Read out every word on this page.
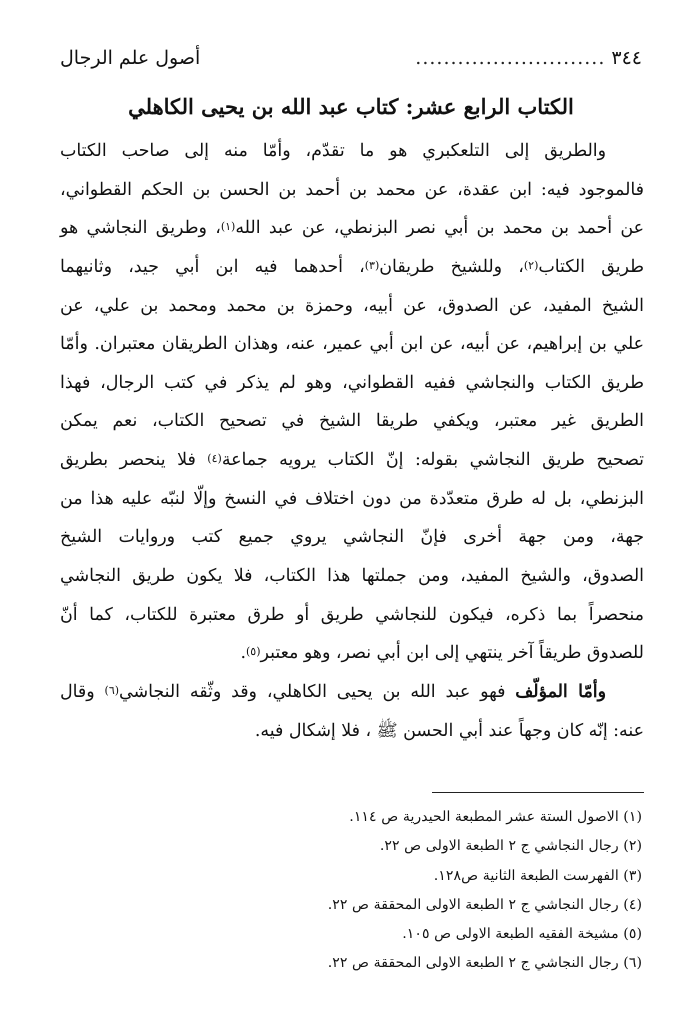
٣٤٤
...........................
أصول علم الرجال
الكتاب الرابع عشر: كتاب عبد الله بن يحيى الكاهلي
والطريق إلى التلعكبري هو ما تقدّم، وأمّا منه إلى صاحب الكتاب
فالموجود فيه: ابن عقدة، عن محمد بن أحمد بن الحسن بن الحكم القطواني،
عن أحمد بن محمد بن أبي نصر البزنطي، عن عبد الله$^{(١)}$، وطريق النجاشي هو
طريق الكتاب$^{(٢)}$، وللشيخ طريقان$^{(٣)}$، أحدهما فيه ابن أبي جيد، وثانيهما
الشيخ المفيد، عن الصدوق، عن أبيه، وحمزة بن محمد ومحمد بن علي، عن
علي بن إبراهيم، عن أبيه، عن ابن أبي عمير، عنه، وهذان الطريقان معتبران. وأمّا
طريق الكتاب والنجاشي ففيه القطواني، وهو لم يذكر في كتب الرجال، فهذا
الطريق غير معتبر، ويكفي طريقا الشيخ في تصحيح الكتاب، نعم يمكن
تصحيح طريق النجاشي بقوله: إنّ الكتاب يرويه جماعة$^{(٤)}$ فلا ينحصر بطريق
البزنطي، بل له طرق متعدّدة من دون اختلاف في النسخ وإلّا لنبّه عليه هذا من
جهة، ومن جهة أخرى فإنّ النجاشي يروي جميع كتب وروايات الشيخ
الصدوق، والشيخ المفيد، ومن جملتها هذا الكتاب، فلا يكون طريق النجاشي
منحصراً بما ذكره، فيكون للنجاشي طريق أو طرق معتبرة للكتاب، كما أنّ
للصدوق طريقاً آخر ينتهي إلى ابن أبي نصر، وهو معتبر$^{(٥)}$.
وأمّا المؤلّف فهو عبد الله بن يحيى الكاهلي، وقد وثّقه النجاشي$^{(٦)}$ وقال
عنه: إنّه كان وجهاً عند أبي الحسن ﷺ ، فلا إشكال فيه.
(١) الاصول الستة عشر المطبعة الحيدرية ص ١١٤.
(٢) رجال النجاشي ج ٢ الطبعة الاولى ص ٢٢.
(٣) الفهرست الطبعة الثانية ص١٢٨.
(٤) رجال النجاشي ج ٢ الطبعة الاولى المحققة ص ٢٢.
(٥) مشيخة الفقيه الطبعة الاولى ص ١٠٥.
(٦) رجال النجاشي ج ٢ الطبعة الاولى المحققة ص ٢٢.
